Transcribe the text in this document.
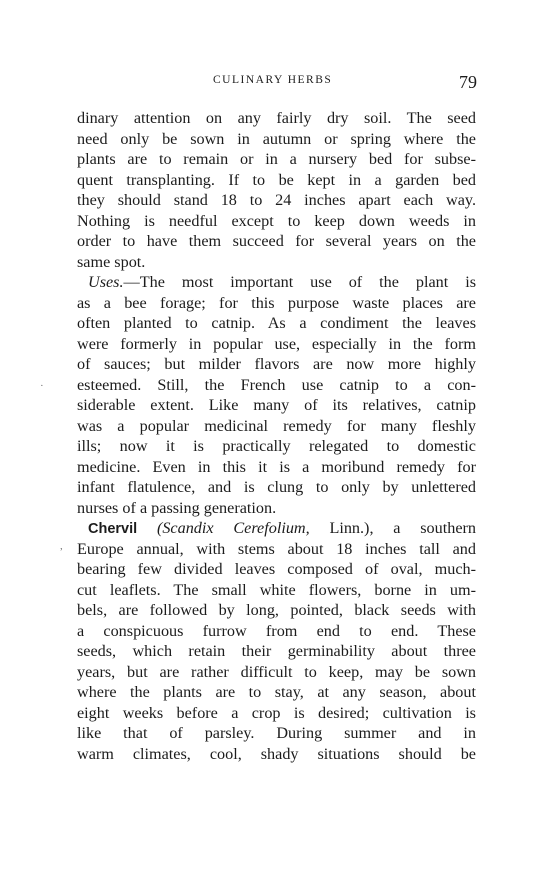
CULINARY HERBS	79
·
,
dinary attention on any fairly dry soil. The seed
need only be sown in autumn or spring where the
plants are to remain or in a nursery bed for subse-
quent transplanting. If to be kept in a garden bed
they should stand 18 to 24 inches apart each way.
Nothing is needful except to keep down weeds in
order to have them succeed for several years on the
same spot.
Uses.—The most important use of the plant is
as a bee forage; for this purpose waste places are
often planted to catnip. As a condiment the leaves
were formerly in popular use, especially in the form
of sauces; but milder flavors are now more highly
esteemed. Still, the French use catnip to a con-
siderable extent. Like many of its relatives, catnip
was a popular medicinal remedy for many fleshly
ills; now it is practically relegated to domestic
medicine. Even in this it is a moribund remedy for
infant flatulence, and is clung to only by unlettered
nurses of a passing generation.
Chervil (Scandix Cerefolium, Linn.), a southern
Europe annual, with stems about 18 inches tall and
bearing few divided leaves composed of oval, much-
cut leaflets. The small white flowers, borne in um-
bels, are followed by long, pointed, black seeds with
a conspicuous furrow from end to end. These
seeds, which retain their germinability about three
years, but are rather difficult to keep, may be sown
where the plants are to stay, at any season, about
eight weeks before a crop is desired; cultivation is
like that of parsley. During summer and in
warm climates, cool, shady situations should be
